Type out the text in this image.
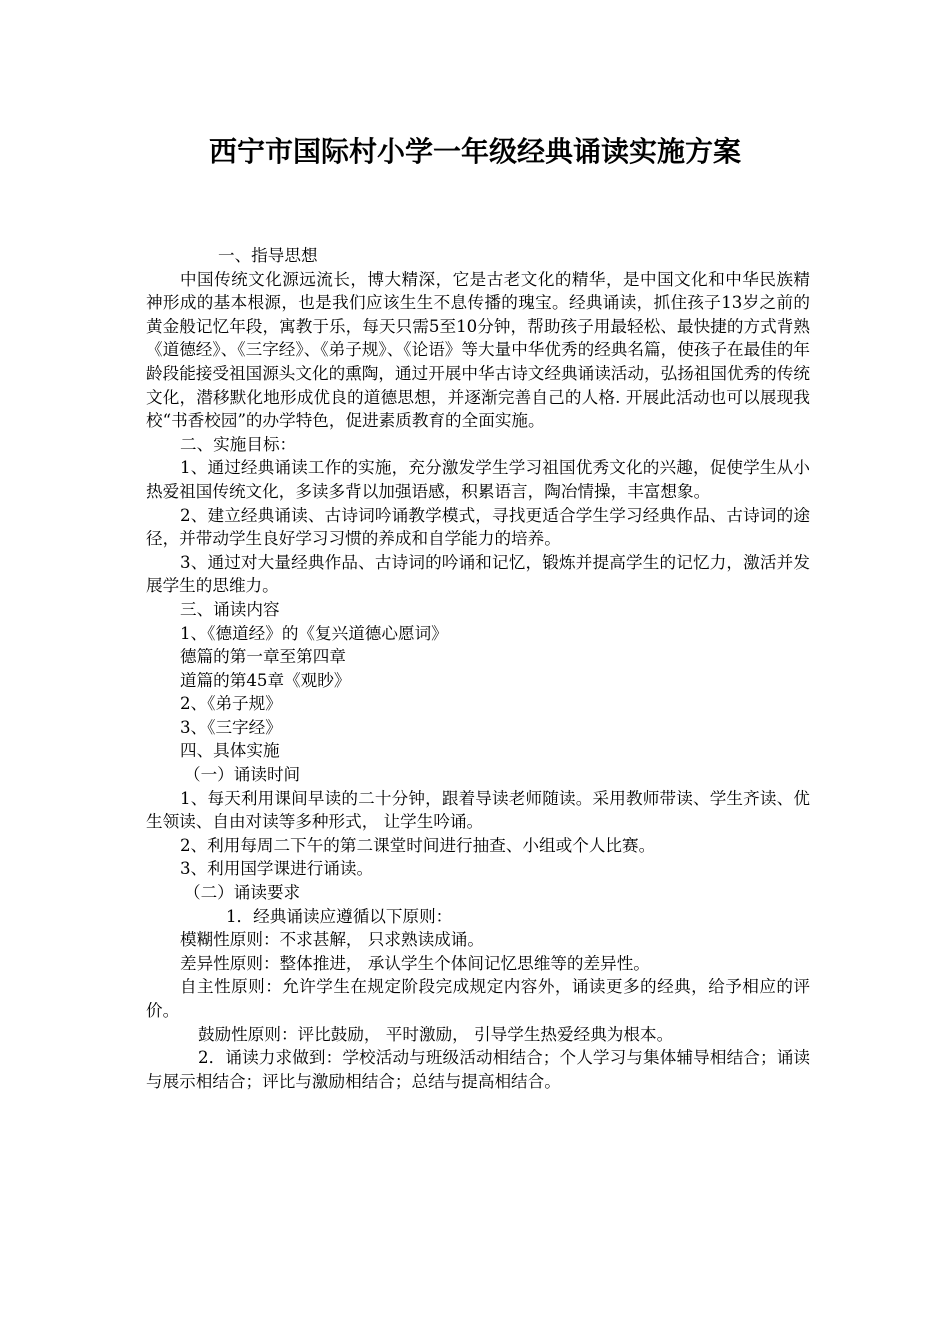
西宁市国际村小学一年级经典诵读实施方案

一、指导思想

中国传统文化源远流长，博大精深，它是古老文化的精华，是中国文化和中华民族精神形成的基本根源，也是我们应该生生不息传播的瑰宝。经典诵读，抓住孩子13岁之前的黄金般记忆年段，寓教于乐，每天只需5至10分钟，帮助孩子用最轻松、最快捷的方式背熟《道德经》、《三字经》、《弟子规》、《论语》等大量中华优秀的经典名篇，使孩子在最佳的年龄段能接受祖国源头文化的熏陶，通过开展中华古诗文经典诵读活动，弘扬祖国优秀的传统文化，潜移默化地形成优良的道德思想，并逐渐完善自己的人格. 开展此活动也可以展现我校“书香校园”的办学特色，促进素质教育的全面实施。

二、实施目标：

1、通过经典诵读工作的实施，充分激发学生学习祖国优秀文化的兴趣，促使学生从小热爱祖国传统文化，多读多背以加强语感，积累语言，陶冶情操，丰富想象。

2、建立经典诵读、古诗词吟诵教学模式，寻找更适合学生学习经典作品、古诗词的途径，并带动学生良好学习习惯的养成和自学能力的培养。

3、通过对大量经典作品、古诗词的吟诵和记忆，锻炼并提高学生的记忆力，激活并发展学生的思维力。

三、诵读内容

1、《德道经》的《复兴道德心愿词》

德篇的第一章至第四章

道篇的第45章《观眇》

2、《弟子规》

3、《三字经》

四、具体实施

（一）诵读时间

1、每天利用课间早读的二十分钟，跟着导读老师随读。采用教师带读、学生齐读、优生领读、自由对读等多种形式， 让学生吟诵。

2、利用每周二下午的第二课堂时间进行抽查、小组或个人比赛。

3、利用国学课进行诵读。

（二）诵读要求

1．经典诵读应遵循以下原则：

模糊性原则：不求甚解， 只求熟读成诵。

差异性原则：整体推进， 承认学生个体间记忆思维等的差异性。

自主性原则：允许学生在规定阶段完成规定内容外，诵读更多的经典，给予相应的评价。

鼓励性原则：评比鼓励， 平时激励， 引导学生热爱经典为根本。

2．诵读力求做到：学校活动与班级活动相结合；个人学习与集体辅导相结合；诵读与展示相结合；评比与激励相结合；总结与提高相结合。
